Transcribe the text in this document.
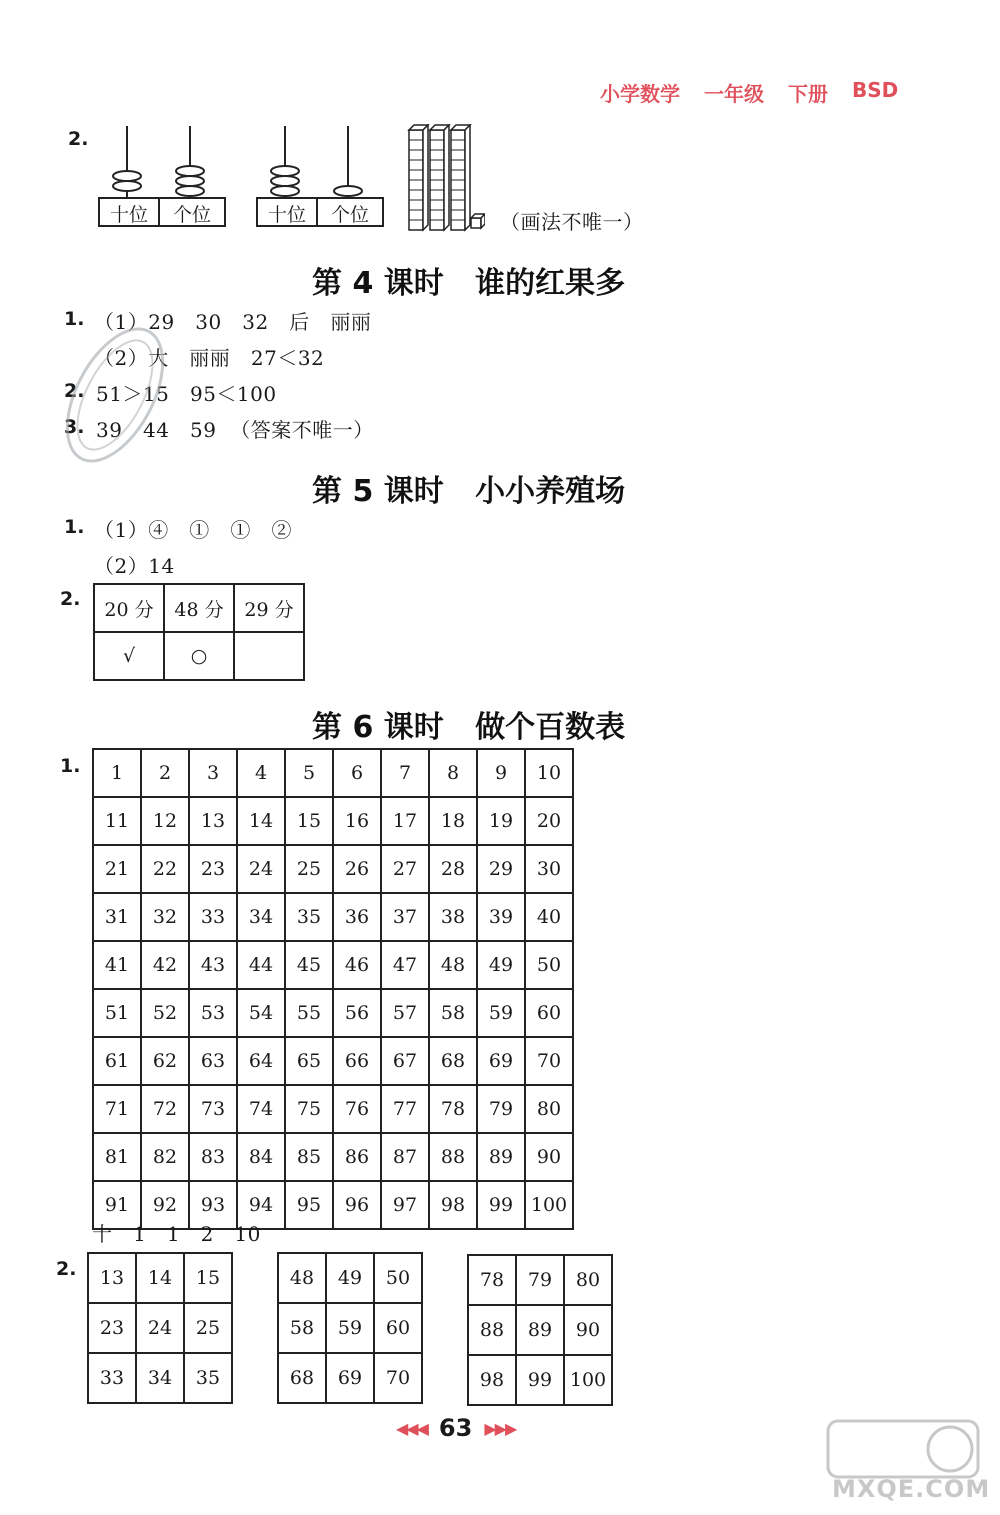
小学数学 一年级 下册 BSD
2.
十位	个位	十位	个位	（画法不唯一）
第 4 课时   谁的红果多
1. （1）29   30   32   后   丽丽
（2）大   丽丽   27＜32
2. 51＞15   95＜100
3. 39   44   59  （答案不唯一）
第 5 课时   小小养殖场
1. （1）④   ①   ①   ②
（2）14
2. 20 分	48 分	29 分
√	○	
第 6 课时   做个百数表
1. 1	2	3	4	5	6	7	8	9	10
11	12	13	14	15	16	17	18	19	20
21	22	23	24	25	26	27	28	29	30
31	32	33	34	35	36	37	38	39	40
41	42	43	44	45	46	47	48	49	50
51	52	53	54	55	56	57	58	59	60
61	62	63	64	65	66	67	68	69	70
71	72	73	74	75	76	77	78	79	80
81	82	83	84	85	86	87	88	89	90
91	92	93	94	95	96	97	98	99	100
十   1   1   2   10
2. 13	14	15
23	24	25
33	34	35
48	49	50
58	59	60
68	69	70
78	79	80
88	89	90
98	99	100
◀◀◀ 63 ▶▶▶
MXQE.COM
